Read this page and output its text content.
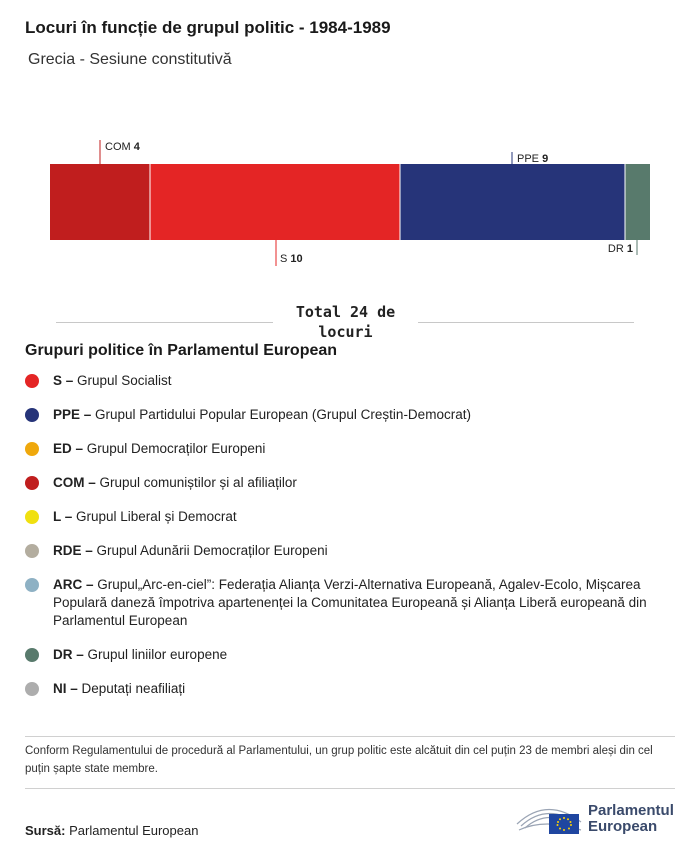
Locuri în funcție de grupul politic - 1984-1989
Grecia - Sesiune constitutivă
COM 4
S 10
PPE 9
DR 1
Total 24 de locuri
Grupuri politice în Parlamentul European
S – Grupul Socialist
PPE – Grupul Partidului Popular European (Grupul Creștin-Democrat)
ED – Grupul Democraților Europeni
COM – Grupul comuniștilor și al afiliaților
L – Grupul Liberal și Democrat
RDE – Grupul Adunării Democraților Europeni
ARC – Grupul„Arc-en-ciel”: Federația Alianța Verzi-Alternativa Europeană, Agalev-Ecolo, Mișcarea Populară daneză împotriva apartenenței la Comunitatea Europeană și Alianța Liberă europeană din Parlamentul European
DR – Grupul liniilor europene
NI – Deputați neafiliați
Conform Regulamentului de procedură al Parlamentului, un grup politic este alcătuit din cel puțin 23 de membri aleși din cel puțin șapte state membre.
Sursă: Parlamentul European
Parlamentul
European
